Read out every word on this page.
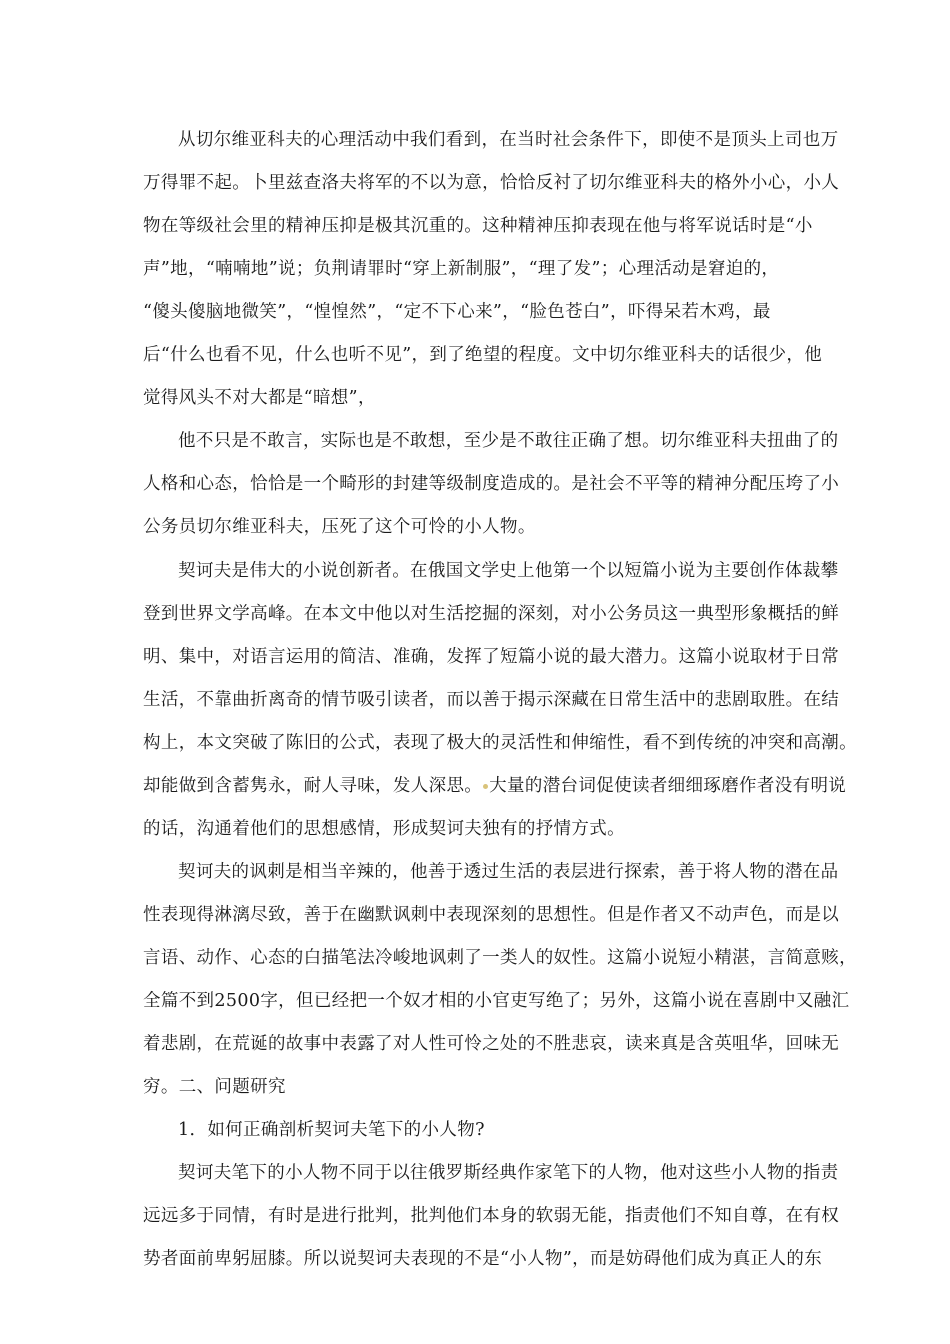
从切尔维亚科夫的心理活动中我们看到，在当时社会条件下，即使不是顶头上司也万
万得罪不起。卜里兹查洛夫将军的不以为意，恰恰反衬了切尔维亚科夫的格外小心，小人
物在等级社会里的精神压抑是极其沉重的。这种精神压抑表现在他与将军说话时是“小
声”地，“喃喃地”说；负荆请罪时“穿上新制服”，“理了发”；心理活动是窘迫的，
“傻头傻脑地微笑”，“惶惶然”，“定不下心来”，“脸色苍白”，吓得呆若木鸡，最
后“什么也看不见，什么也听不见”，到了绝望的程度。文中切尔维亚科夫的话很少，他
觉得风头不对大都是“暗想”，
他不只是不敢言，实际也是不敢想，至少是不敢往正确了想。切尔维亚科夫扭曲了的
人格和心态，恰恰是一个畸形的封建等级制度造成的。是社会不平等的精神分配压垮了小
公务员切尔维亚科夫，压死了这个可怜的小人物。
契诃夫是伟大的小说创新者。在俄国文学史上他第一个以短篇小说为主要创作体裁攀
登到世界文学高峰。在本文中他以对生活挖掘的深刻，对小公务员这一典型形象概括的鲜
明、集中，对语言运用的简洁、准确，发挥了短篇小说的最大潜力。这篇小说取材于日常
生活，不靠曲折离奇的情节吸引读者，而以善于揭示深藏在日常生活中的悲剧取胜。在结
构上，本文突破了陈旧的公式，表现了极大的灵活性和伸缩性，看不到传统的冲突和高潮。
却能做到含蓄隽永，耐人寻味，发人深思。 大量的潜台词促使读者细细琢磨作者没有明说
的话，沟通着他们的思想感情，形成契诃夫独有的抒情方式。
契诃夫的讽刺是相当辛辣的，他善于透过生活的表层进行探索，善于将人物的潜在品
性表现得淋漓尽致，善于在幽默讽刺中表现深刻的思想性。但是作者又不动声色，而是以
言语、动作、心态的白描笔法冷峻地讽刺了一类人的奴性。这篇小说短小精湛，言简意赅，
全篇不到2500字，但已经把一个奴才相的小官吏写绝了；另外，这篇小说在喜剧中又融汇
着悲剧，在荒诞的故事中表露了对人性可怜之处的不胜悲哀，读来真是含英咀华，回味无
穷。二、问题研究
1．如何正确剖析契诃夫笔下的小人物?
契诃夫笔下的小人物不同于以往俄罗斯经典作家笔下的人物，他对这些小人物的指责
远远多于同情，有时是进行批判，批判他们本身的软弱无能，指责他们不知自尊，在有权
势者面前卑躬屈膝。所以说契诃夫表现的不是“小人物”，而是妨碍他们成为真正人的东
